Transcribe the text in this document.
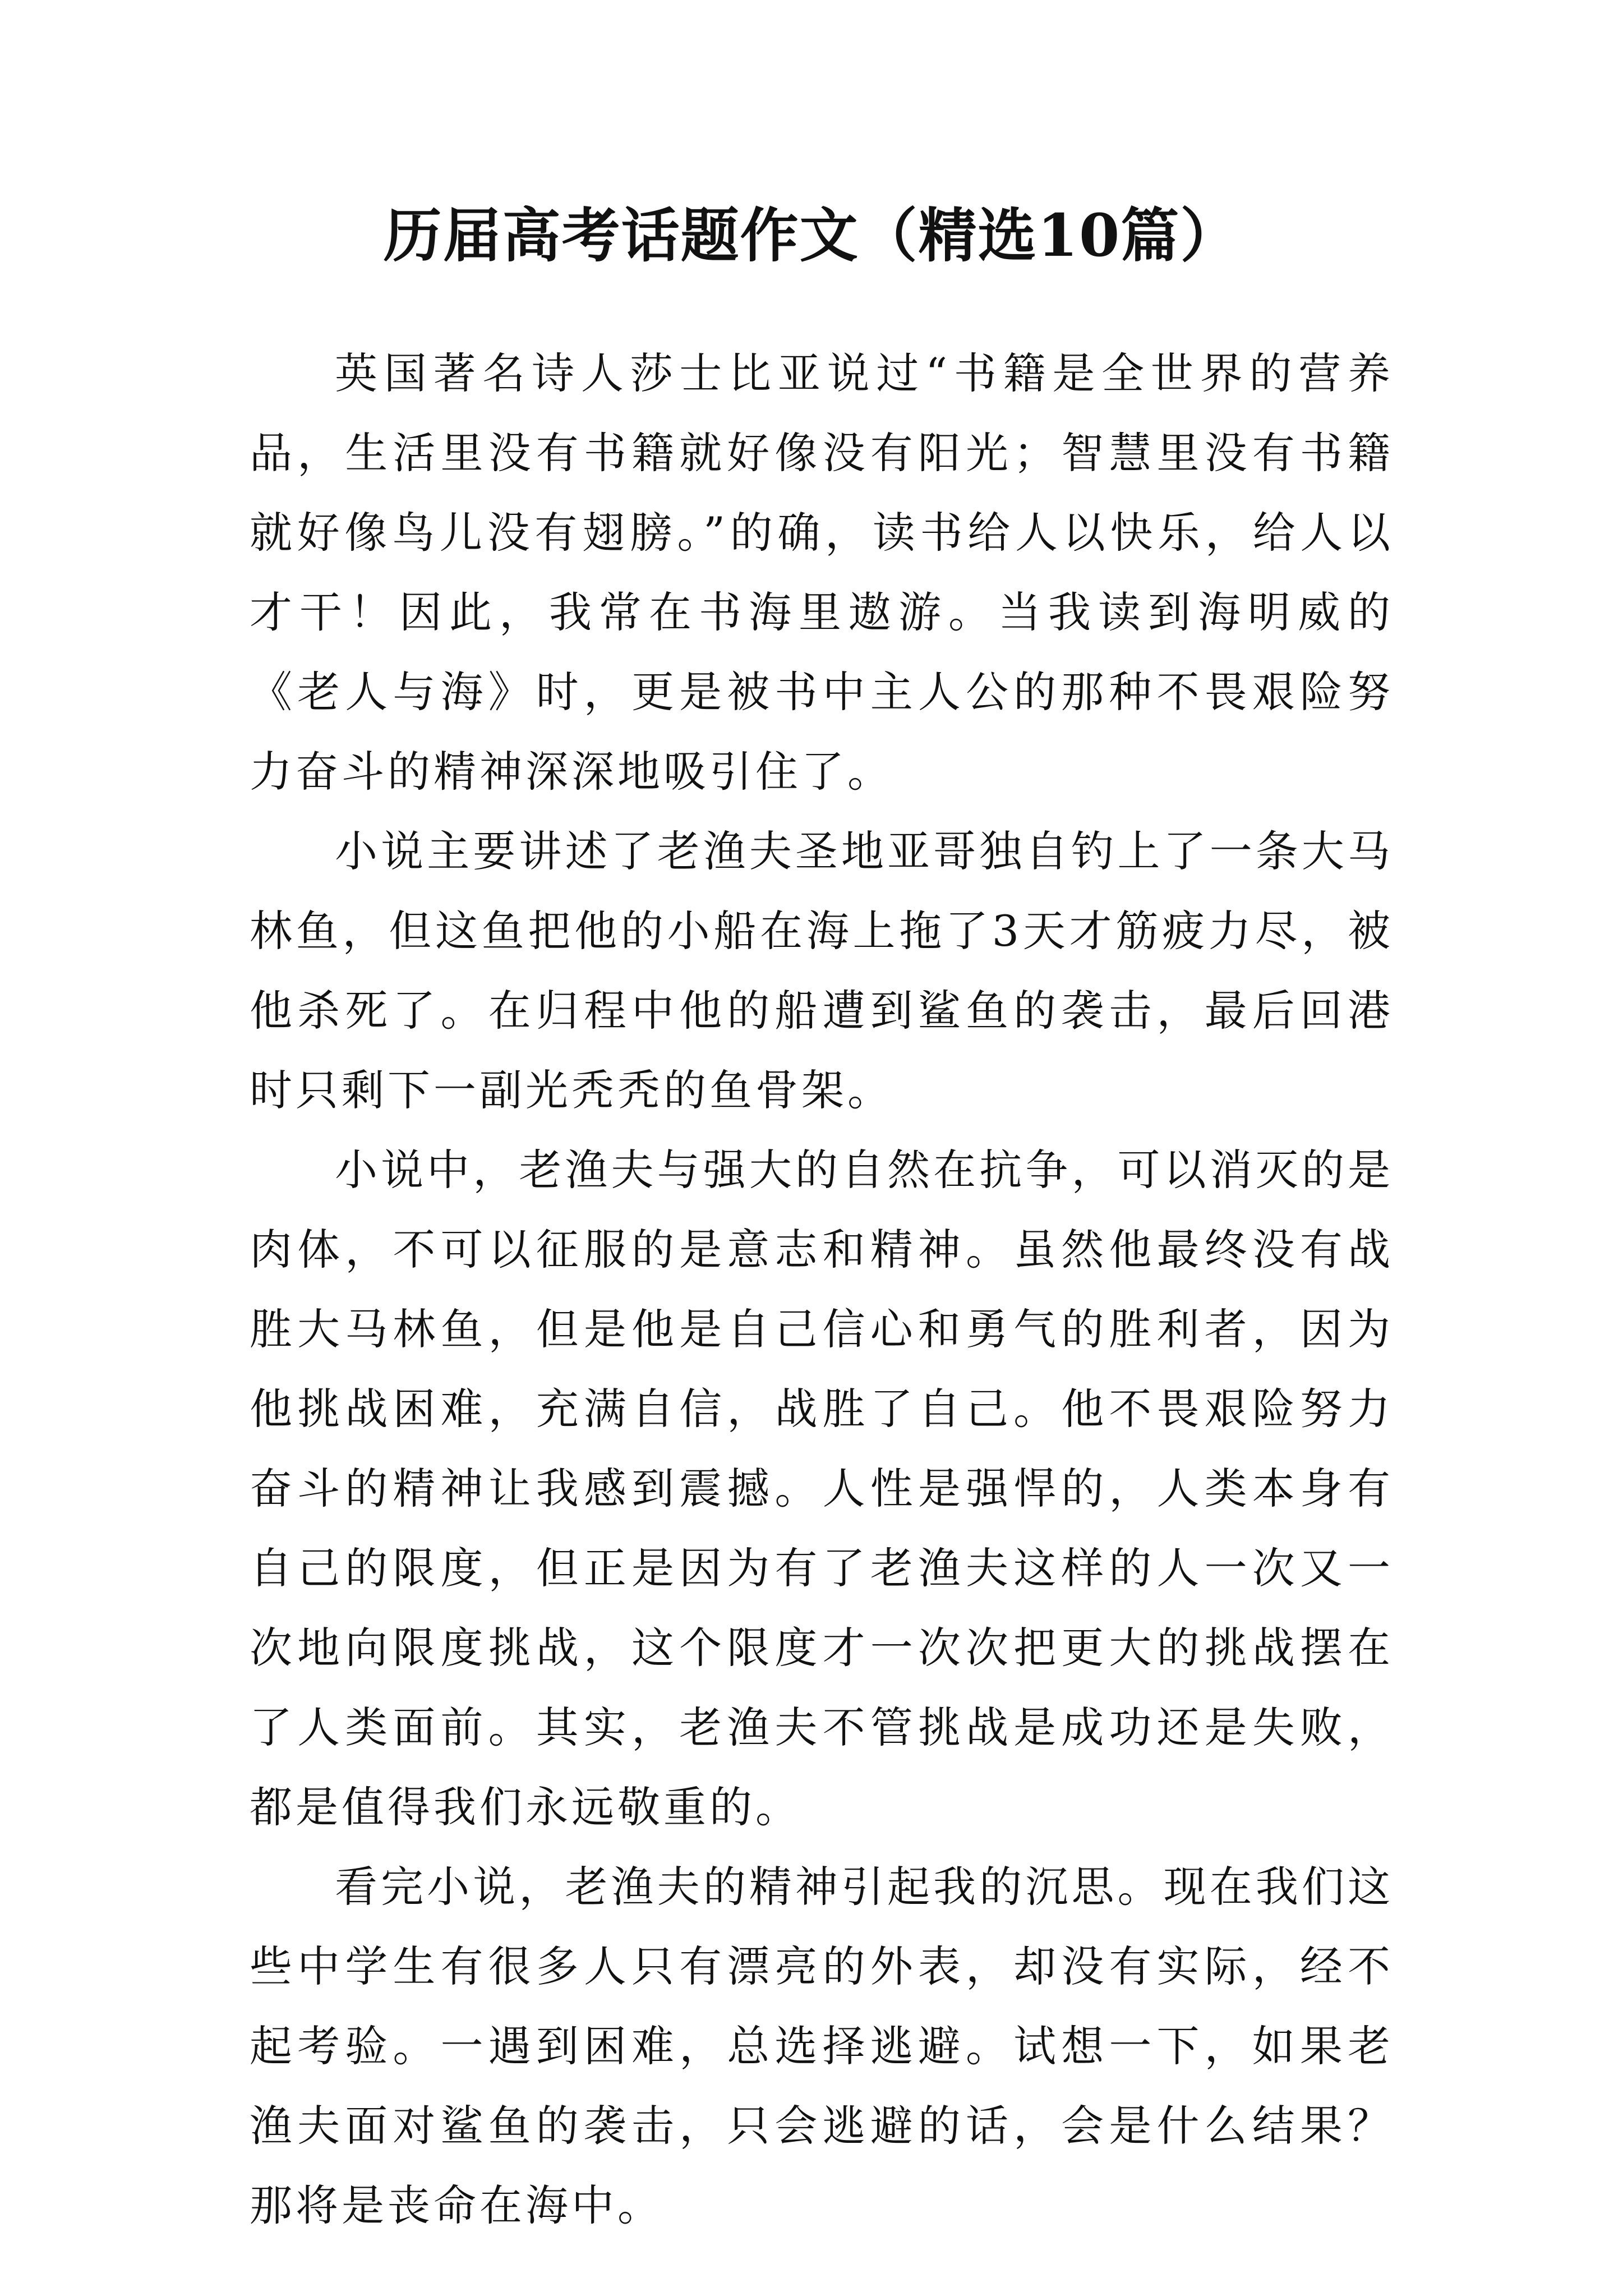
历届高考话题作文（精选10篇）

英国著名诗人莎士比亚说过“书籍是全世界的营养品，生活里没有书籍就好像没有阳光；智慧里没有书籍就好像鸟儿没有翅膀。”的确，读书给人以快乐，给人以才干！因此，我常在书海里遨游。当我读到海明威的《老人与海》时，更是被书中主人公的那种不畏艰险努力奋斗的精神深深地吸引住了。

小说主要讲述了老渔夫圣地亚哥独自钓上了一条大马林鱼，但这鱼把他的小船在海上拖了3天才筋疲力尽，被他杀死了。在归程中他的船遭到鲨鱼的袭击，最后回港时只剩下一副光秃秃的鱼骨架。

小说中，老渔夫与强大的自然在抗争，可以消灭的是肉体，不可以征服的是意志和精神。虽然他最终没有战胜大马林鱼，但是他是自己信心和勇气的胜利者，因为他挑战困难，充满自信，战胜了自己。他不畏艰险努力奋斗的精神让我感到震撼。人性是强悍的，人类本身有自己的限度，但正是因为有了老渔夫这样的人一次又一次地向限度挑战，这个限度才一次次把更大的挑战摆在了人类面前。其实，老渔夫不管挑战是成功还是失败，都是值得我们永远敬重的。

看完小说，老渔夫的精神引起我的沉思。现在我们这些中学生有很多人只有漂亮的外表，却没有实际，经不起考验。一遇到困难，总选择逃避。试想一下，如果老渔夫面对鲨鱼的袭击，只会逃避的话，会是什么结果？那将是丧命在海中。
